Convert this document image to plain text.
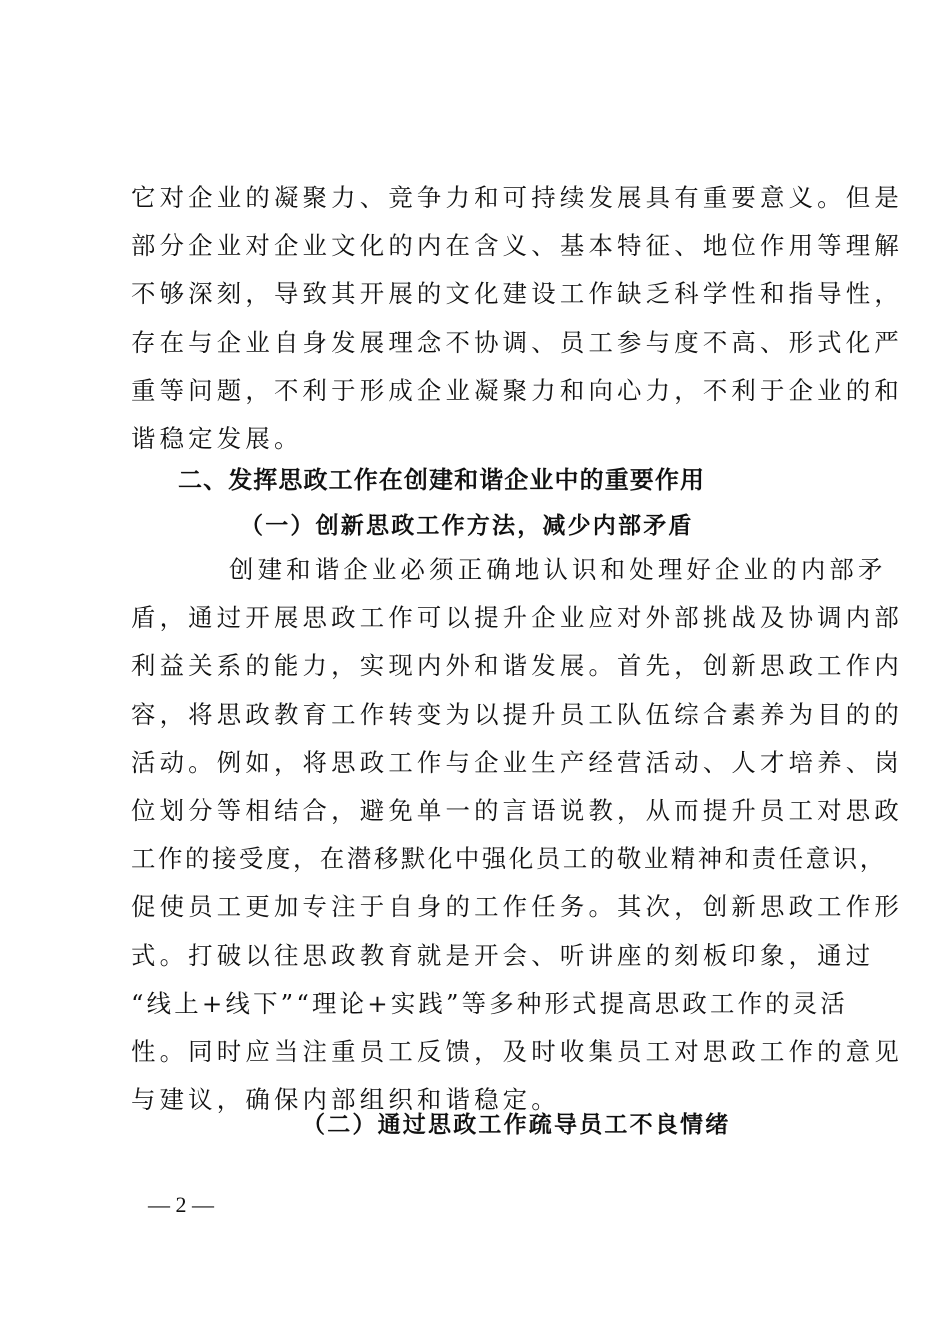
它对企业的凝聚力、竞争力和可持续发展具有重要意义。但是
部分企业对企业文化的内在含义、基本特征、地位作用等理解
不够深刻，导致其开展的文化建设工作缺乏科学性和指导性，
存在与企业自身发展理念不协调、员工参与度不高、形式化严
重等问题，不利于形成企业凝聚力和向心力，不利于企业的和
谐稳定发展。
二、发挥思政工作在创建和谐企业中的重要作用
（一）创新思政工作方法，减少内部矛盾
创建和谐企业必须正确地认识和处理好企业的内部矛
盾，通过开展思政工作可以提升企业应对外部挑战及协调内部
利益关系的能力，实现内外和谐发展。首先，创新思政工作内
容，将思政教育工作转变为以提升员工队伍综合素养为目的的
活动。例如，将思政工作与企业生产经营活动、人才培养、岗
位划分等相结合，避免单一的言语说教，从而提升员工对思政
工作的接受度，在潜移默化中强化员工的敬业精神和责任意识，
促使员工更加专注于自身的工作任务。其次，创新思政工作形
式。打破以往思政教育就是开会、听讲座的刻板印象，通过
“线上+线下”“理论+实践”等多种形式提高思政工作的灵活
性。同时应当注重员工反馈，及时收集员工对思政工作的意见
与建议，确保内部组织和谐稳定。
（二）通过思政工作疏导员工不良情绪
— 2 —
